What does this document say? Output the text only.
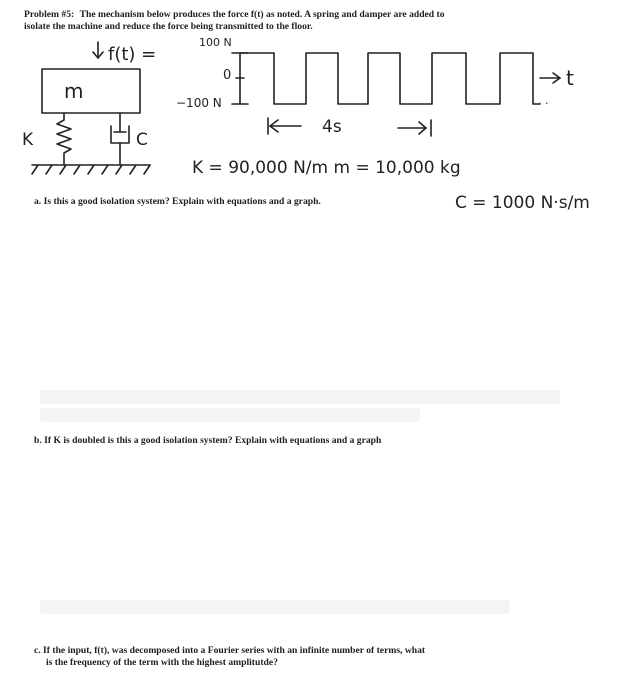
Problem #5: The mechanism below produces the force f(t) as noted. A spring and damper are added to
isolate the machine and reduce the force being transmitted to the floor.
f(t) =
100 N
0
−100 N
t
. .
4s
m
K	C
K = 90,000 N/m m = 10,000 kg
a. Is this a good isolation system? Explain with equations and a graph.	C = 1000 N·s/m
b. If K is doubled is this a good isolation system? Explain with equations and a graph
c. If the input, f(t), was decomposed into a Fourier series with an infinite number of terms, what
is the frequency of the term with the highest amplitutde?
